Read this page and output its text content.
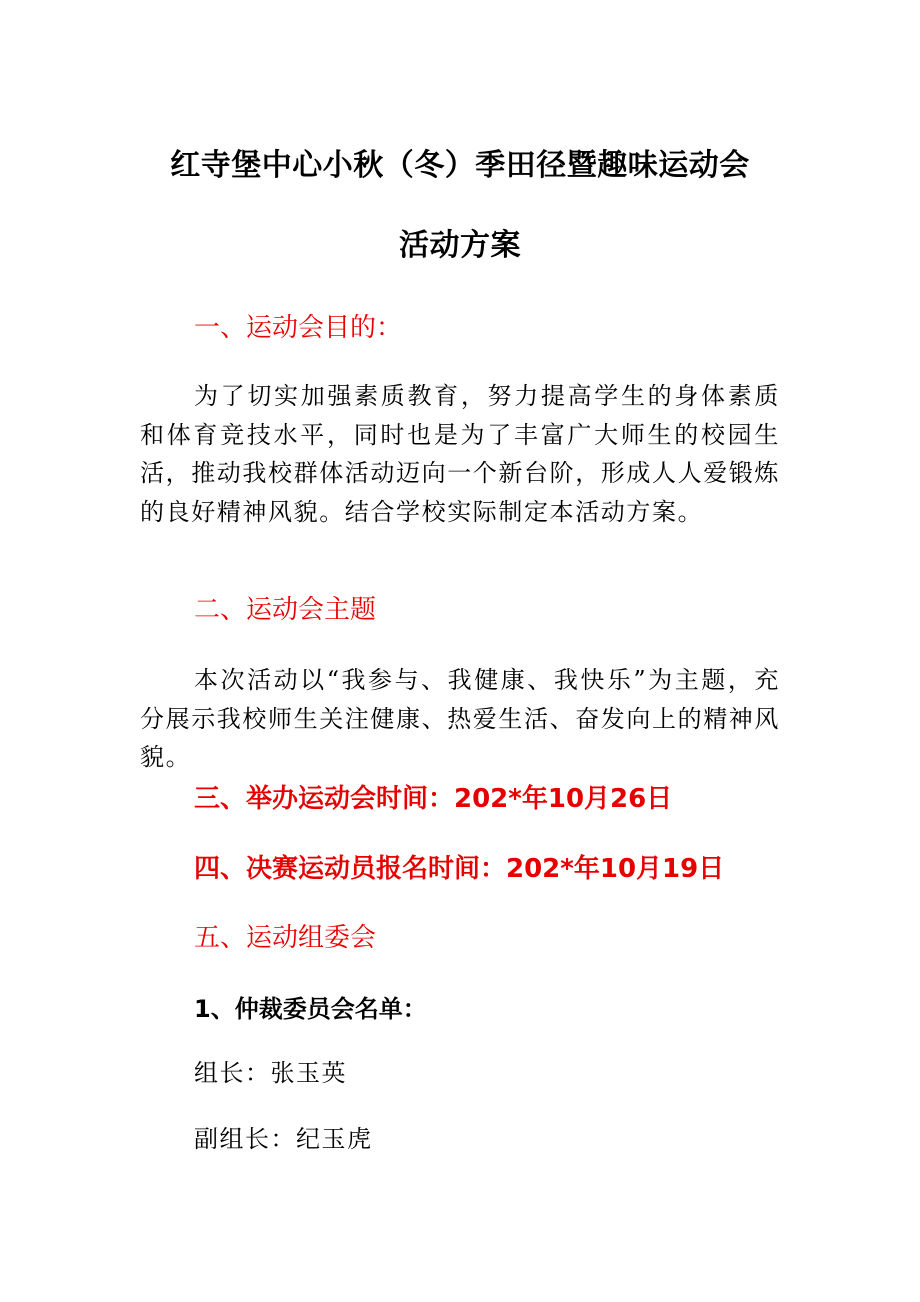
红寺堡中心小秋（冬）季田径暨趣味运动会
活动方案
一、运动会目的：
为了切实加强素质教育，努力提高学生的身体素质和体育竞技水平，同时也是为了丰富广大师生的校园生活，推动我校群体活动迈向一个新台阶，形成人人爱锻炼的良好精神风貌。结合学校实际制定本活动方案。
二、运动会主题
本次活动以“我参与、我健康、我快乐”为主题，充分展示我校师生关注健康、热爱生活、奋发向上的精神风貌。
三、举办运动会时间：202*年10月26日
四、决赛运动员报名时间：202*年10月19日
五、运动组委会
1、仲裁委员会名单：
组长：张玉英
副组长：纪玉虎
